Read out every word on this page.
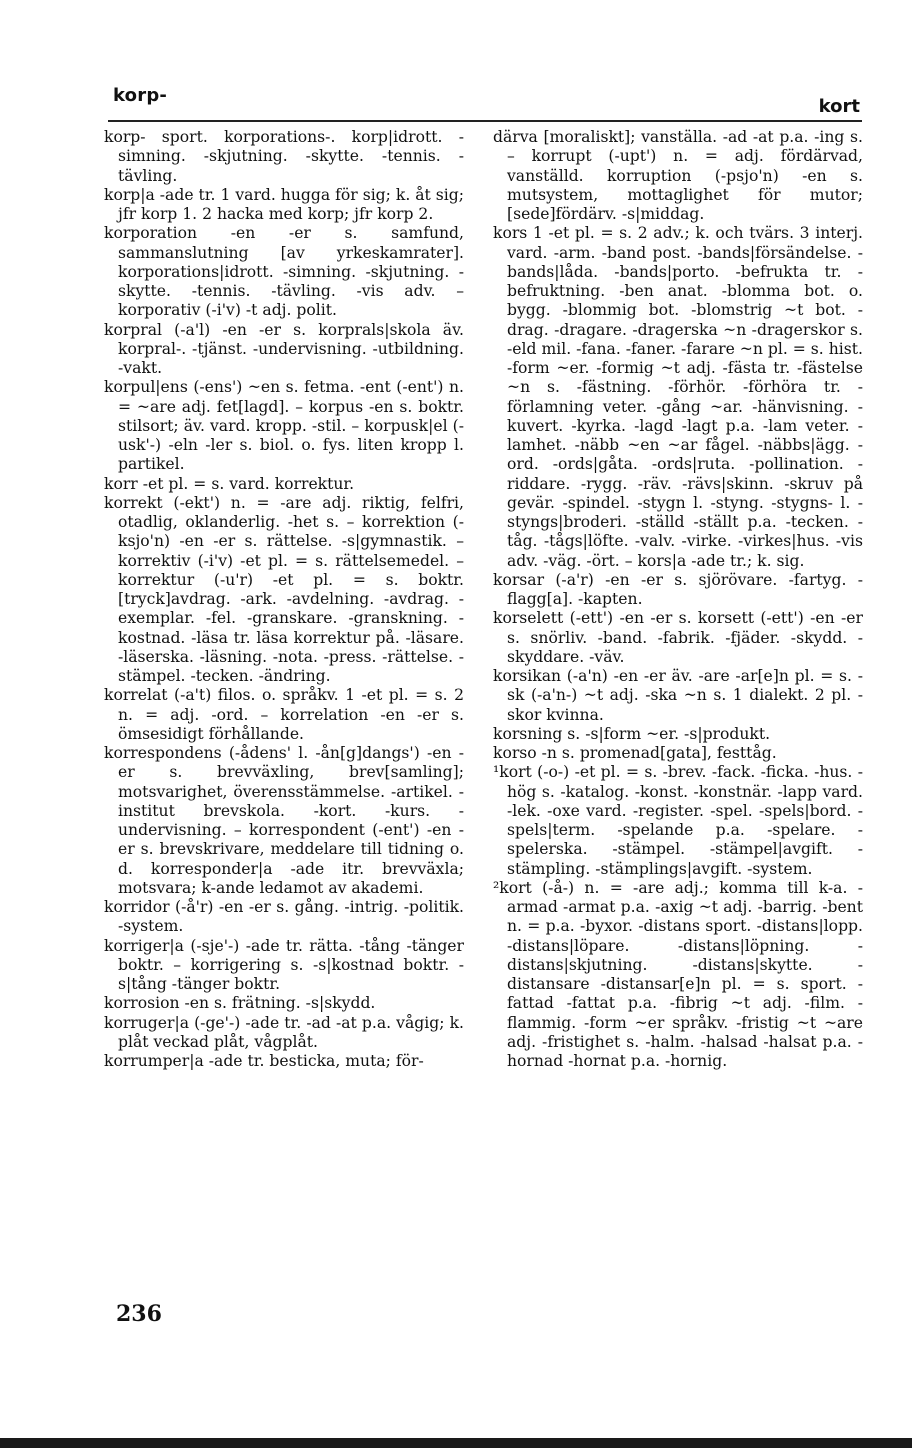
korp-
kort

korp- sport. korporations-. korp|idrott. -simning. -skjutning. -skytte. -tennis. -tävling.

korp|a -ade tr. 1 vard. hugga för sig; k. åt sig; jfr korp 1. 2 hacka med korp; jfr korp 2.

korporation -en -er s. samfund, sammanslutning [av yrkeskamrater]. korporations|idrott. -simning. -skjutning. -skytte. -tennis. -tävling. -vis adv. – korporativ (-i'v) -t adj. polit.

korpral (-a'l) -en -er s. korprals|skola äv. korpral-. -tjänst. -undervisning. -utbildning. -vakt.

korpul|ens (-ens') ~en s. fetma. -ent (-ent') n. = ~are adj. fet[lagd]. – korpus -en s. boktr. stilsort; äv. vard. kropp. -stil. – korpusk|el (-usk'-) -eln -ler s. biol. o. fys. liten kropp l. partikel.

korr -et pl. = s. vard. korrektur.

korrekt (-ekt') n. = -are adj. riktig, felfri, otadlig, oklanderlig. -het s. – korrektion (-ksjo'n) -en -er s. rättelse. -s|gymnastik. – korrektiv (-i'v) -et pl. = s. rättelsemedel. – korrektur (-u'r) -et pl. = s. boktr. [tryck]avdrag. -ark. -avdelning. -avdrag. -exemplar. -fel. -granskare. -granskning. -kostnad. -läsa tr. läsa korrektur på. -läsare. -läserska. -läsning. -nota. -press. -rättelse. -stämpel. -tecken. -ändring.

korrelat (-a't) filos. o. språkv. 1 -et pl. = s. 2 n. = adj. -ord. – korrelation -en -er s. ömsesidigt förhållande.

korrespondens (-ådens' l. -ån[g]dangs') -en -er s. brevväxling, brev[samling]; motsvarighet, överensstämmelse. -artikel. -institut brevskola. -kort. -kurs. -undervisning. – korrespondent (-ent') -en -er s. brevskrivare, meddelare till tidning o. d. korresponder|a -ade itr. brevväxla; motsvara; k-ande ledamot av akademi.

korridor (-å'r) -en -er s. gång. -intrig. -politik. -system.

korriger|a (-sje'-) -ade tr. rätta. -tång -tänger boktr. – korrigering s. -s|kostnad boktr. -s|tång -tänger boktr.

korrosion -en s. frätning. -s|skydd.

korruger|a (-ge'-) -ade tr. -ad -at p.a. vågig; k. plåt veckad plåt, vågplåt.

korrumper|a -ade tr. besticka, muta; för-

därva [moraliskt]; vanställa. -ad -at p.a. -ing s. – korrupt (-upt') n. = adj. fördärvad, vanställd. korruption (-psjo'n) -en s. mutsystem, mottaglighet för mutor; [sede]fördärv. -s|middag.

kors 1 -et pl. = s. 2 adv.; k. och tvärs. 3 interj. vard. -arm. -band post. -bands|försändelse. -bands|låda. -bands|porto. -befrukta tr. -befruktning. -ben anat. -blomma bot. o. bygg. -blommig bot. -blomstrig ~t bot. -drag. -dragare. -dragerska ~n -dragerskor s. -eld mil. -fana. -faner. -farare ~n pl. = s. hist. -form ~er. -formig ~t adj. -fästa tr. -fästelse ~n s. -fästning. -förhör. -förhöra tr. -förlamning veter. -gång ~ar. -hänvisning. -kuvert. -kyrka. -lagd -lagt p.a. -lam veter. -lamhet. -näbb ~en ~ar fågel. -näbbs|ägg. -ord. -ords|gåta. -ords|ruta. -pollination. -riddare. -rygg. -räv. -rävs|skinn. -skruv på gevär. -spindel. -stygn l. -styng. -stygns- l. -styngs|broderi. -ställd -ställt p.a. -tecken. -tåg. -tågs|löfte. -valv. -virke. -virkes|hus. -vis adv. -väg. -ört. – kors|a -ade tr.; k. sig.

korsar (-a'r) -en -er s. sjörövare. -fartyg. -flagg[a]. -kapten.

korselett (-ett') -en -er s. korsett (-ett') -en -er s. snörliv. -band. -fabrik. -fjäder. -skydd. -skyddare. -väv.

korsikan (-a'n) -en -er äv. -are -ar[e]n pl. = s. -sk (-a'n-) ~t adj. -ska ~n s. 1 dialekt. 2 pl. -skor kvinna.

korsning s. -s|form ~er. -s|produkt.

korso -n s. promenad[gata], festtåg.

¹kort (-o-) -et pl. = s. -brev. -fack. -ficka. -hus. -hög s. -katalog. -konst. -konstnär. -lapp vard. -lek. -oxe vard. -register. -spel. -spels|bord. -spels|term. -spelande p.a. -spelare. -spelerska. -stämpel. -stämpel|avgift. -stämpling. -stämplings|avgift. -system.

²kort (-å-) n. = -are adj.; komma till k-a. -armad -armat p.a. -axig ~t adj. -barrig. -bent n. = p.a. -byxor. -distans sport. -distans|lopp. -distans|löpare. -distans|löpning. -distans|skjutning. -distans|skytte. -distansare -distansar[e]n pl. = s. sport. -fattad -fattat p.a. -fibrig ~t adj. -film. -flammig. -form ~er språkv. -fristig ~t ~are adj. -fristighet s. -halm. -halsad -halsat p.a. -hornad -hornat p.a. -hornig.

236
